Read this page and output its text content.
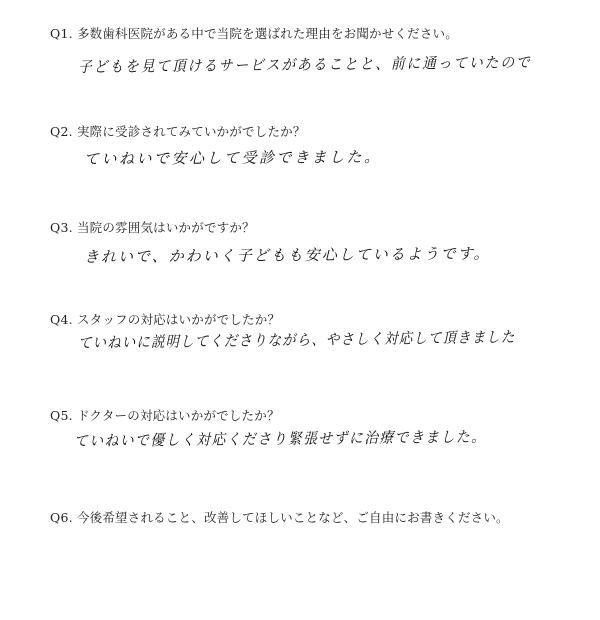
Q1. 多数歯科医院がある中で当院を選ばれた理由をお聞かせください。
子どもを見て頂けるサービスがあることと、前に通っていたので
Q2. 実際に受診されてみていかがでしたか？
ていねいで安心して受診できました。
Q3. 当院の雰囲気はいかがですか？
きれいで、かわいく子どもも安心しているようです。
Q4. スタッフの対応はいかがでしたか？
ていねいに説明してくださりながら、やさしく対応して頂きました
Q5. ドクターの対応はいかがでしたか？
ていねいで優しく対応くださり緊張せずに治療できました。
Q6. 今後希望されること、改善してほしいことなど、ご自由にお書きください。
